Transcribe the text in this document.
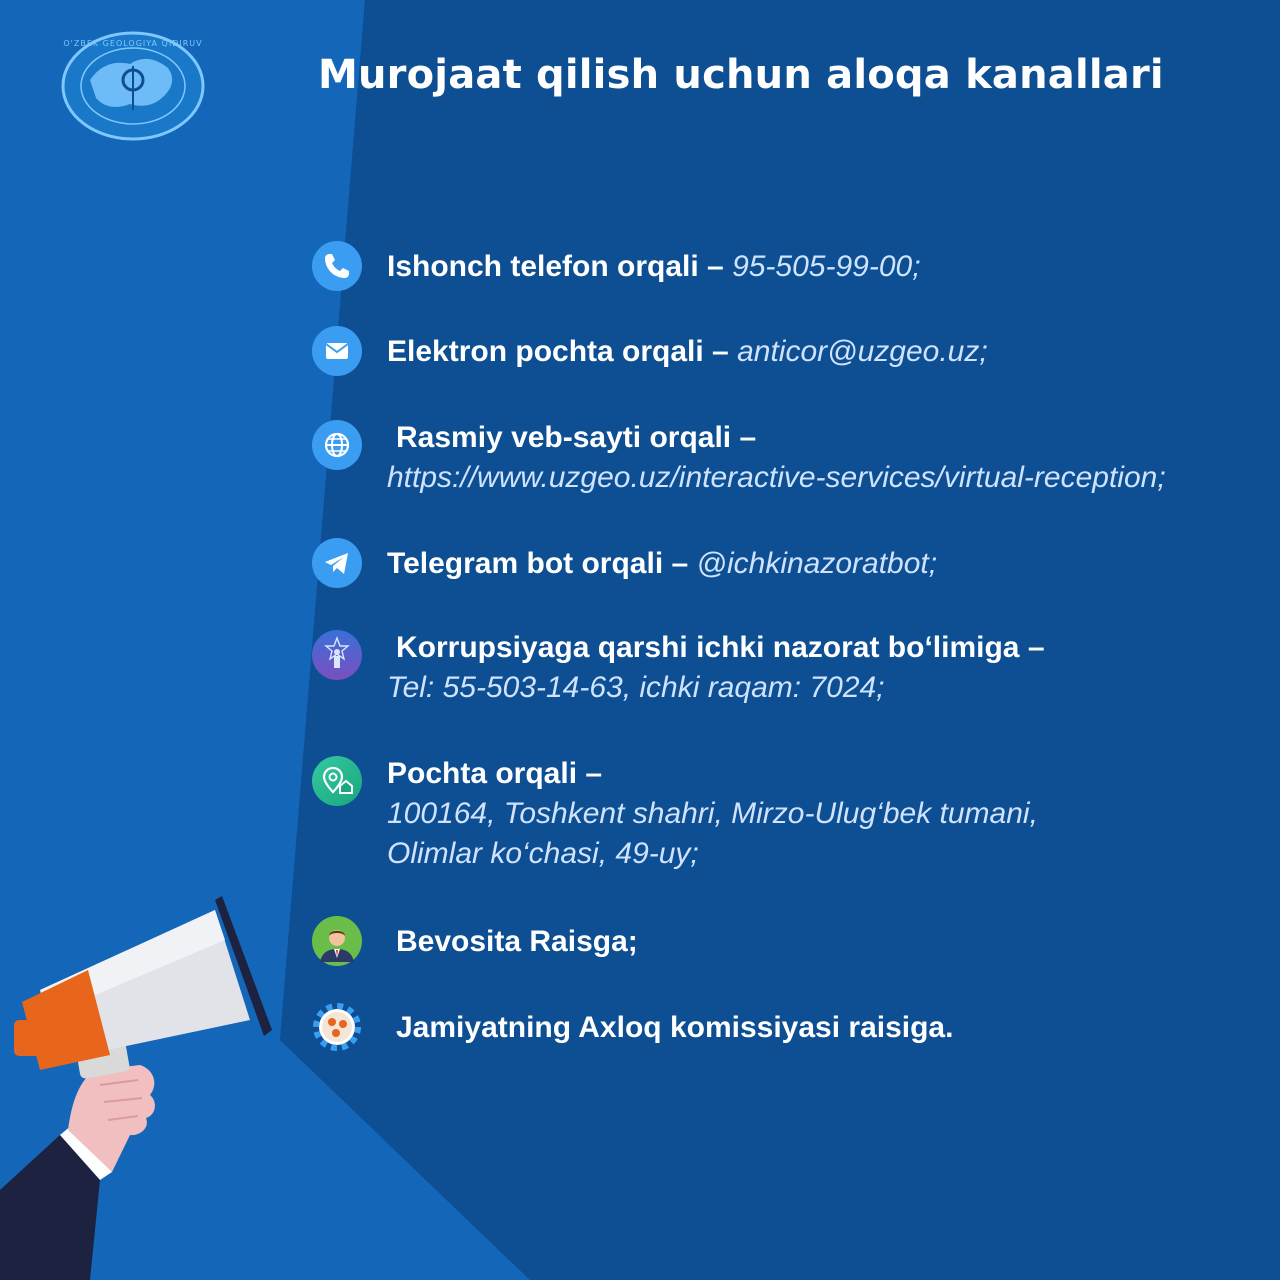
O'ZBEK GEOLOGIYA QIDIRUV
Murojaat qilish uchun aloqa kanallari
Ishonch telefon orqali – 95-505-99-00;
Elektron pochta orqali – anticor@uzgeo.uz;
Rasmiy veb-sayti orqali –
https://www.uzgeo.uz/interactive-services/virtual-reception;
Telegram bot orqali – @ichkinazoratbot;
Korrupsiyaga qarshi ichki nazorat bo‘limiga –
Tel: 55-503-14-63, ichki raqam: 7024;
Pochta orqali –
100164, Toshkent shahri, Mirzo-Ulug‘bek tumani,
Olimlar ko‘chasi, 49-uy;
Bevosita Raisga;
Jamiyatning Axloq komissiyasi raisiga.
